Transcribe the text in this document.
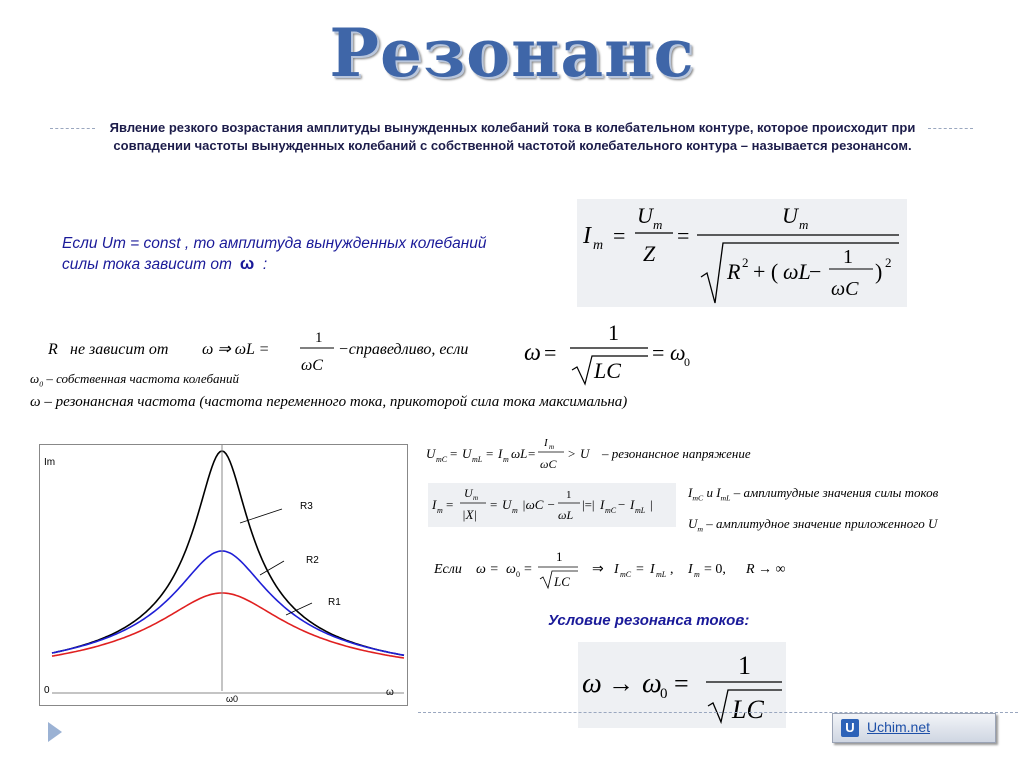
Резонанс
Явление резкого возрастания амплитуды вынужденных колебаний тока в колебательном контуре, которое происходит при совпадении частоты вынужденных колебаний с собственной частотой колебательного контура – называется резонансом.
Если Um = const , то амплитуда вынужденных колебаний
силы тока зависит от ω :
I m =
U m
Z
=
U m
R 2 + ( ωL
−
1
ωC
) 2
R не зависит от ω ⇒ ωL =
1
ωC
−справедливо, если ω =
1
LC
= ω
0
$\omega_0$ – собственная частота колебаний
ω – резонансная частота (частота переменного тока, прикоторой сила тока максимальна)
Im
0	ω
ω0
R3
R2
R1
U mC = U mL = I m ωL =
I m
ωC
> U – резонансное напряжение
I m =
U m
|X|
= U m |ωC −
1
ωL
|=| I mC − I mL |
$I_{mC}$ и $I_{mL}$ – амплитудные значения силы токов
$U_m$ – амплитудное значение приложенного U
Если ω = ω 0 =
1
LC
⇒ I mC = I mL , I m = 0, R → ∞
Условие резонанса токов:
ω → ω
0 =
1
LC
U Uchim.net
